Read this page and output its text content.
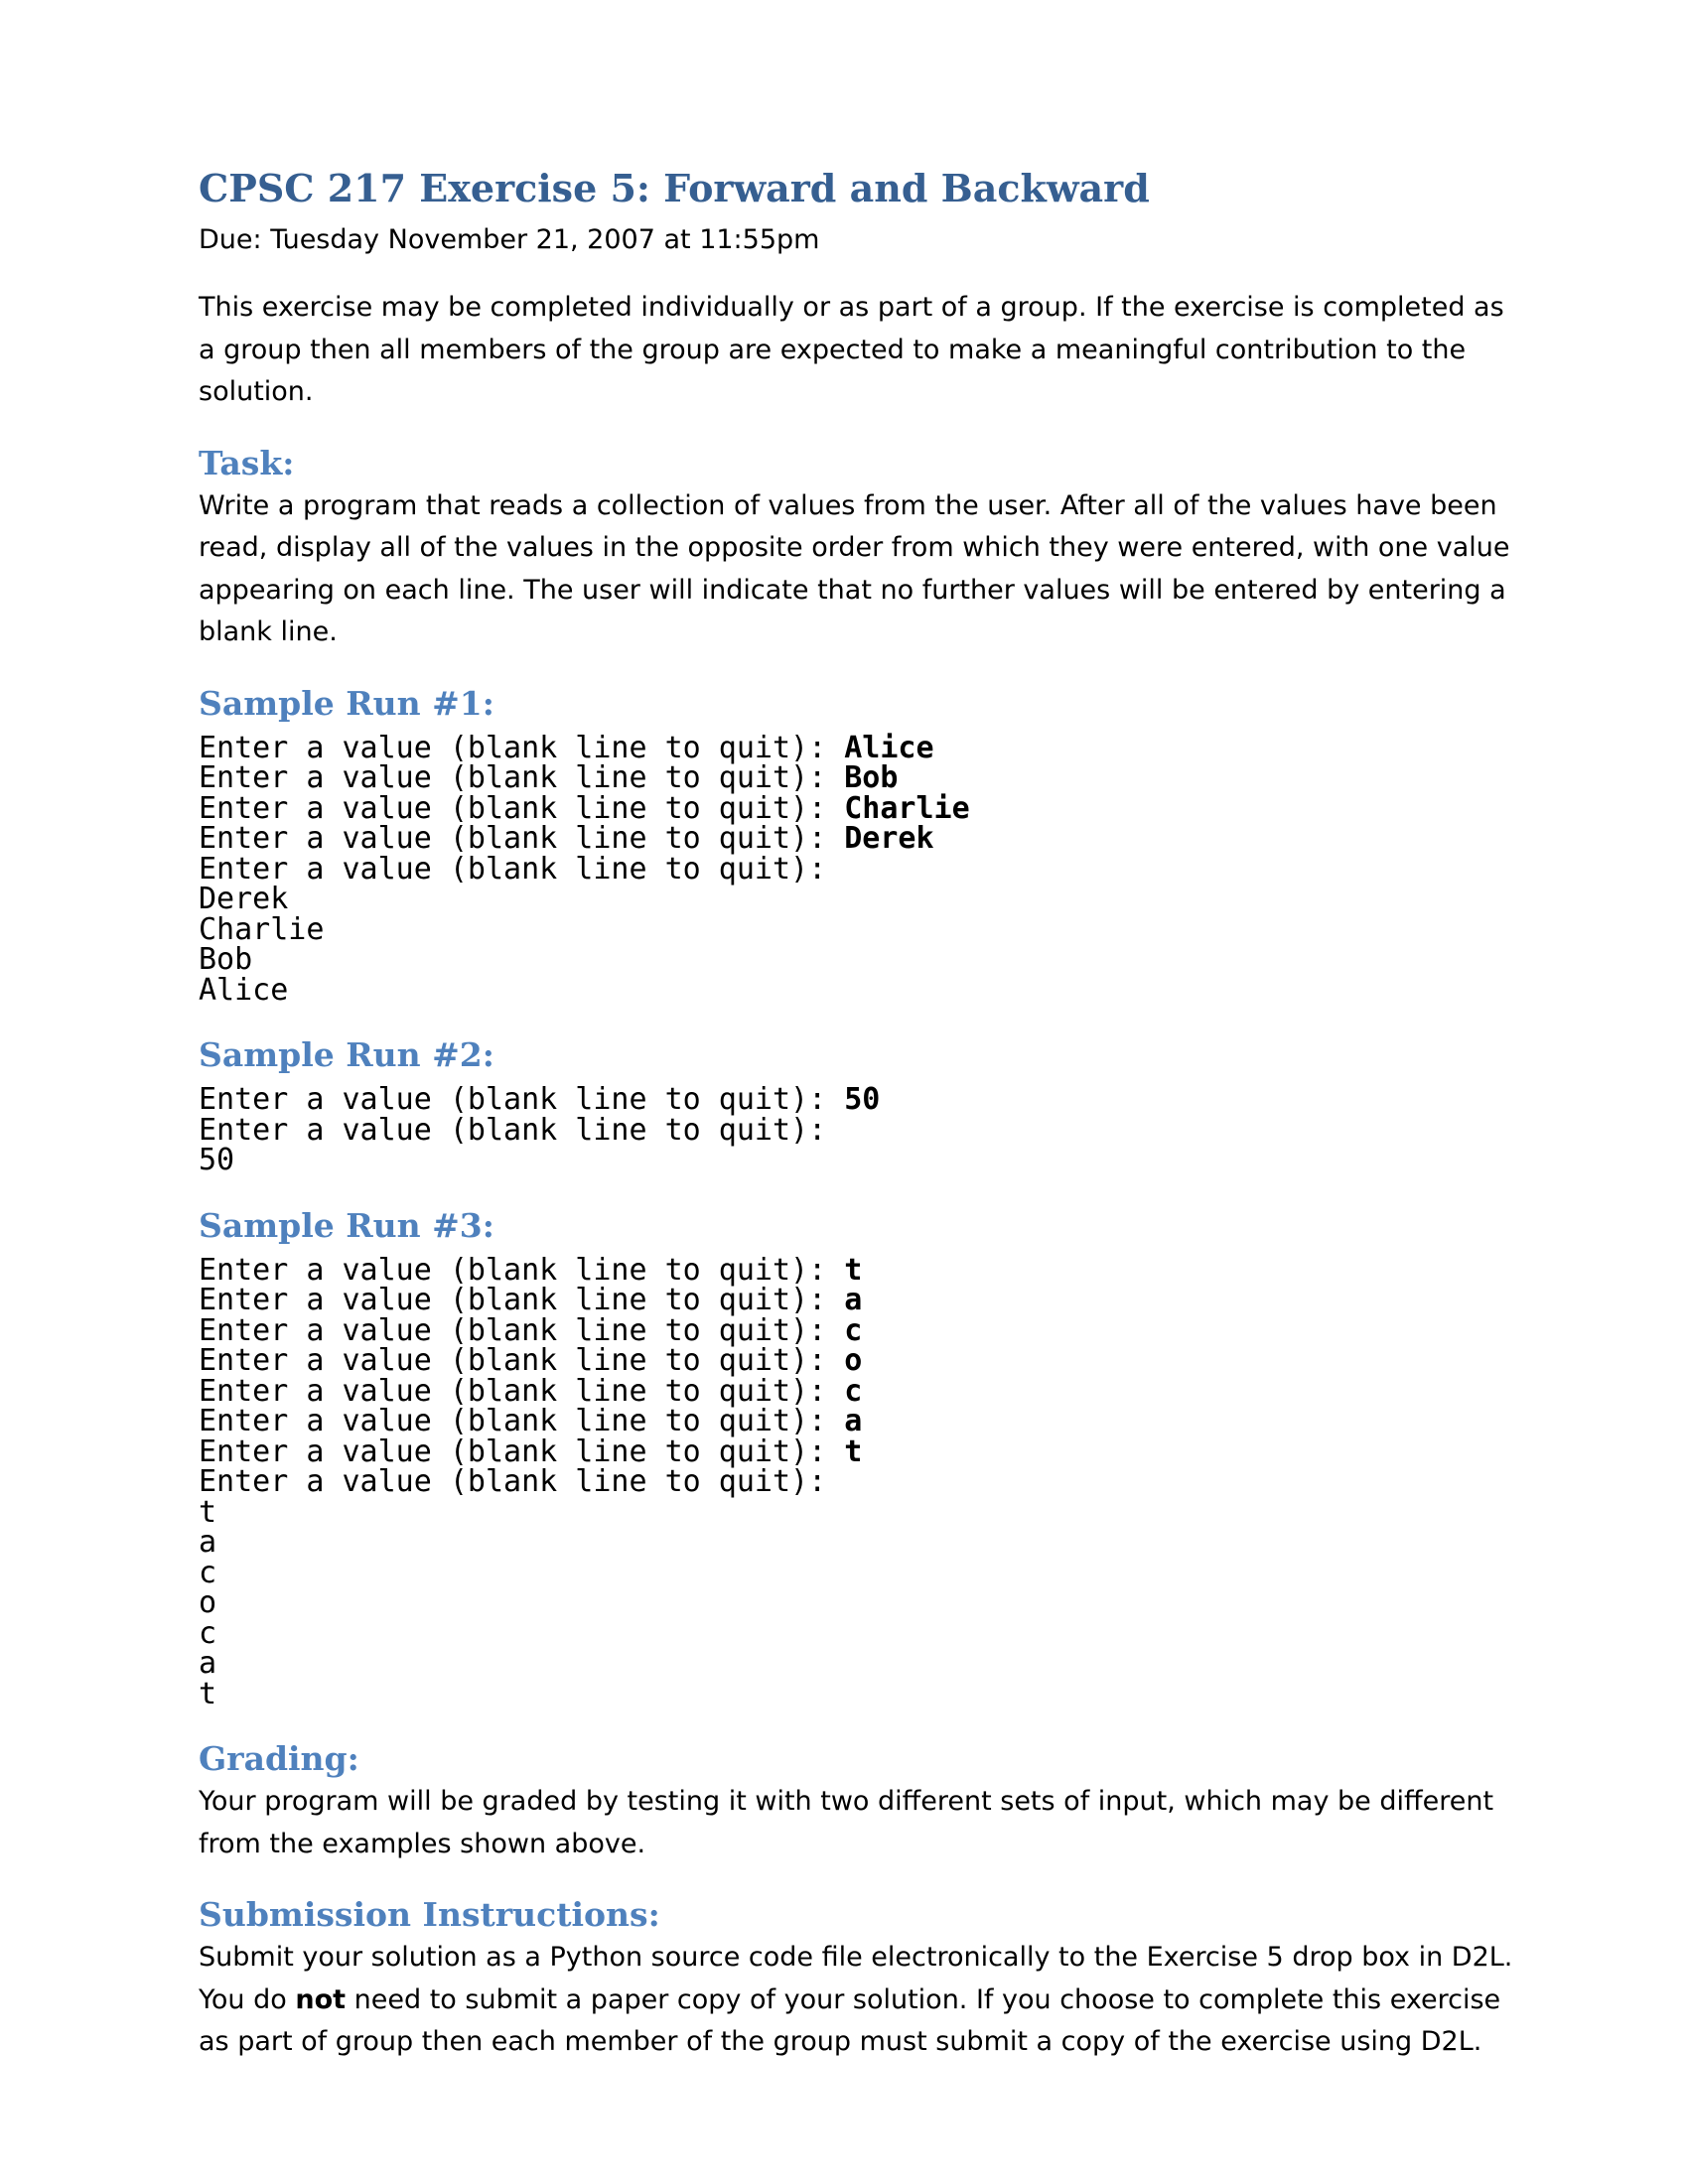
CPSC 217 Exercise 5: Forward and Backward

Due: Tuesday November 21, 2007 at 11:55pm

This exercise may be completed individually or as part of a group. If the exercise is completed as a group then all members of the group are expected to make a meaningful contribution to the solution.

Task:

Write a program that reads a collection of values from the user. After all of the values have been read, display all of the values in the opposite order from which they were entered, with one value appearing on each line. The user will indicate that no further values will be entered by entering a blank line.

Sample Run #1:
Enter a value (blank line to quit): Alice
Enter a value (blank line to quit): Bob
Enter a value (blank line to quit): Charlie
Enter a value (blank line to quit): Derek
Enter a value (blank line to quit):
Derek
Charlie
Bob
Alice
Sample Run #2:
Enter a value (blank line to quit): 50
Enter a value (blank line to quit):
50
Sample Run #3:
Enter a value (blank line to quit): t
Enter a value (blank line to quit): a
Enter a value (blank line to quit): c
Enter a value (blank line to quit): o
Enter a value (blank line to quit): c
Enter a value (blank line to quit): a
Enter a value (blank line to quit): t
Enter a value (blank line to quit):
t
a
c
o
c
a
t
Grading:

Your program will be graded by testing it with two different sets of input, which may be different from the examples shown above.

Submission Instructions:

Submit your solution as a Python source code file electronically to the Exercise 5 drop box in D2L. You do not need to submit a paper copy of your solution. If you choose to complete this exercise as part of group then each member of the group must submit a copy of the exercise using D2L.
